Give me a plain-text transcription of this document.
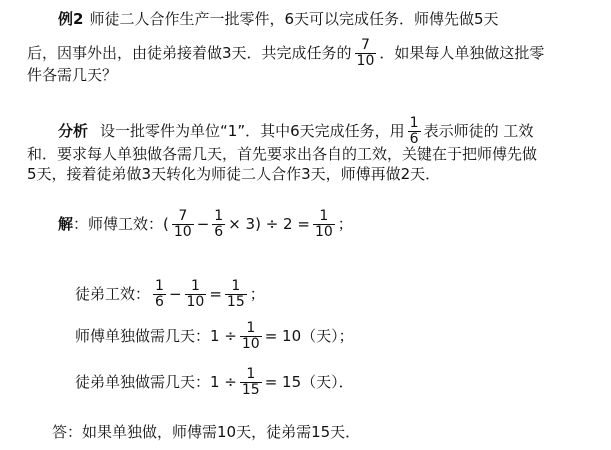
例2 师徒二人合作生产一批零件，6天可以完成任务．师傅先做5天
后，因事外出，由徒弟接着做3天．共完成任务的 $\frac{7}{10}$ ．如果每人单独做这批零
件各需几天？
分析 设一批零件为单位“1”．其中6天完成任务，用 $\frac{1}{6}$ 表示师徒的 工效
和．要求每人单独做各需几天，首先要求出各自的工效，关键在于把师傅先做
5天，接着徒弟做3天转化为师徒二人合作3天，师傅再做2天．
解 ： 师傅工效：( $\frac{7}{10} - \frac{1}{6} \times 3) \div 2 = \frac{1}{10}$ ；
徒弟工效： $\frac{1}{6} - \frac{1}{10} = \frac{1}{15}$ ；
师傅单独做需几天：$1 \div \frac{1}{10} = 10$（天）；
徒弟单独做需几天：$1 \div \frac{1}{15} = 15$（天）．
答：如果单独做，师傅需10天，徒弟需15天．
